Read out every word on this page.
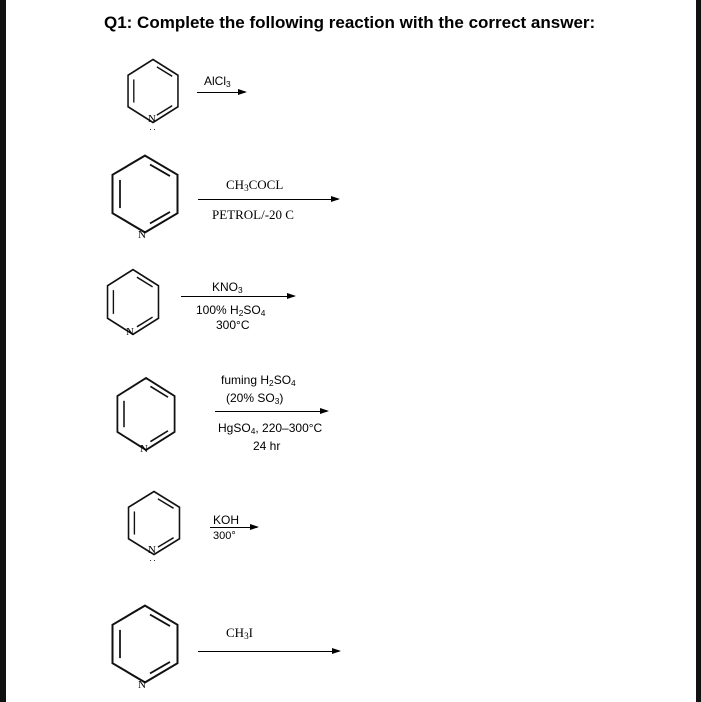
Q1: Complete the following reaction with the correct answer:
N
··
N
N
N
N
··
N
AlCl$_3$
$CH_3COCL$
PETROL/-20 C
$KNO_3$
100% $H_2SO_4$
300°C
fuming $H_2SO_4$
(20% $SO_3$)
HgSO$_4$, 220–300°C
24 hr
KOH
300°
$CH_3I$
